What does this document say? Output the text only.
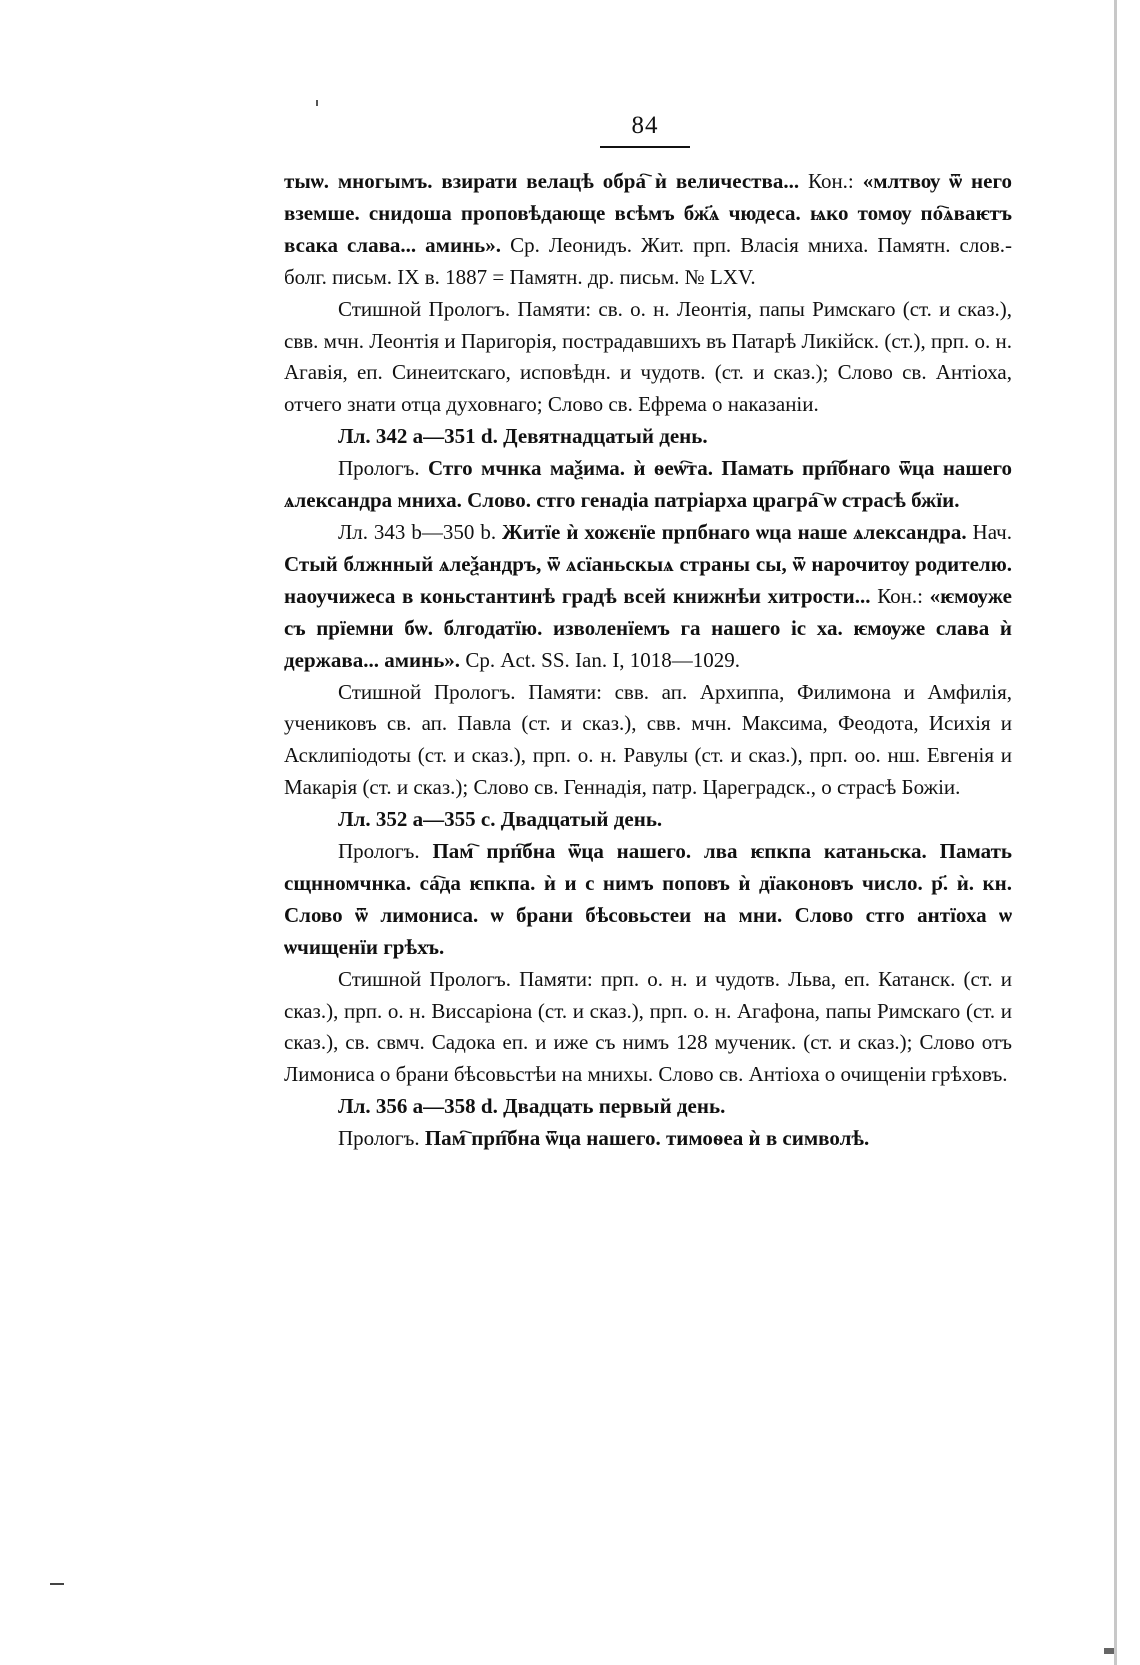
84

тыѡ. многымъ. взирати велацѣ обра҇ ѝ величества... Кон.: «млтвѹ ѿ него вземше. снидоша проповѣдающе всѣмъ бж҃ѧ чюдеса. ѩко томѹ по҇ѧваѥтъ всака слава... аминь». Ср. Леонидъ. Жит. прп. Власія мниха. Памятн. слов.-болг. письм. IX в. 1887 = Памятн. др. письм. № LXV.

Стишной Прологъ. Памяти: св. о. н. Леонтія, папы Римскаго (ст. и сказ.), свв. мчн. Леонтія и Паригорія, пострадавшихъ въ Патарѣ Ликійск. (ст.), прп. о. н. Агавія, еп. Синеитскаго, исповѣдн. и чудотв. (ст. и сказ.); Слово св. Антіоха, отчего знати отца духовнаго; Слово св. Ефрема о наказаніи.

Лл. 342 a—351 d. Девятнадцатый день.

Прологъ. Стго мчнка маѯима. ѝ ѳеѡ҇та. Памать прп҇бнаго ѿца нашего ѧлександра мниха. Слово. стго генадіа патріарха црагра҇ ѡ страсѣ бжїи.

Лл. 343 b—350 b. Житїе ѝ хожєнїе прпбнаго ѡца наше ѧлександра. Нач. Стый блжнный ѧлеѯандръ, ѿ ѧсїаньскыѧ страны сы, ѿ нарочитѹ родителю. наоучижеса в коньстантинѣ градѣ всей книжнѣи хитрости... Кон.: «ѥмѹже съ прїемни бѡ. блгодатїю. изволенїемъ га нашего іс ха. ѥмѹже слава ѝ держава... аминь». Ср. Act. SS. Ian. I, 1018—1029.

Стишной Прологъ. Памяти: свв. ап. Архиппа, Филимона и Амфилія, учениковъ св. ап. Павла (ст. и сказ.), свв. мчн. Максима, Феодота, Исихія и Асклипіодоты (ст. и сказ.), прп. о. н. Равулы (ст. и сказ.), прп. оо. нш. Евгенія и Макарія (ст. и сказ.); Слово св. Геннадія, патр. Цареградск., о страсѣ Божіи.

Лл. 352 a—355 c. Двадцатый день.

Прологъ. Пам҇ прп҇бна ѿца нашего. лва ѥпкпа катаньска. Памать сщнномчнка. са҇да ѥпкпа. ѝ и с нимъ поповъ ѝ дїаконовъ число. р҃. ѝ. кн. Слово ѿ лимониса. ѡ брани бѣсовьстеи на мни. Слово стго антїоха ѡ ѡчищенїи грѣхъ.

Стишной Прологъ. Памяти: прп. о. н. и чудотв. Льва, еп. Катанск. (ст. и сказ.), прп. о. н. Виссаріона (ст. и сказ.), прп. о. н. Агафона, папы Римскаго (ст. и сказ.), св. свмч. Садока еп. и иже съ нимъ 128 мученик. (ст. и сказ.); Слово отъ Лимониса о брани бѣсовьстѣи на мнихы. Слово св. Антіоха о очищеніи грѣховъ.

Лл. 356 a—358 d. Двадцать первый день.

Прологъ. Пам҇ прп҇бна ѿца нашего. тимоѳеа ѝ в символѣ.
